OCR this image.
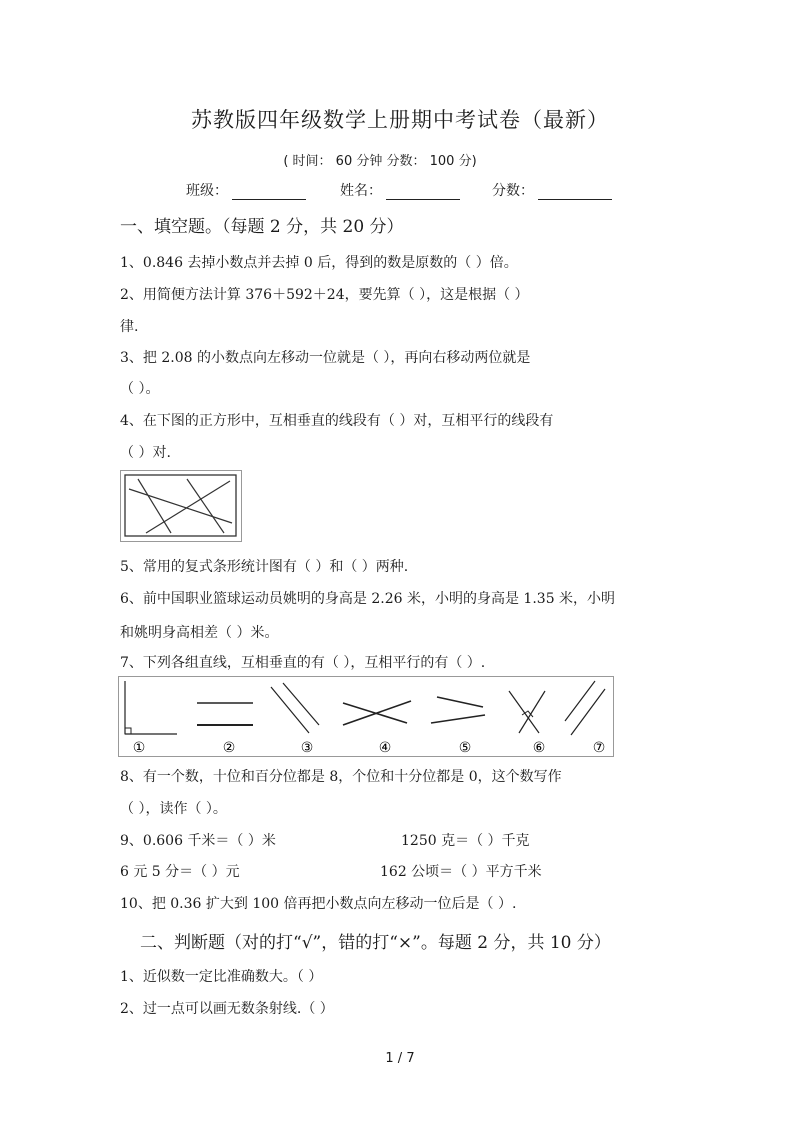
苏教版四年级数学上册期中考试卷（最新）
( 时间： 60 分钟 分数： 100 分)
班级：	姓名：	分数：
一、填空题。（每题 2 分，共 20 分）
1、0.846 去掉小数点并去掉 0 后，得到的数是原数的（ ）倍。
2、用简便方法计算 376＋592＋24，要先算（ ），这是根据（ ）
律.
3、把 2.08 的小数点向左移动一位就是（ ），再向右移动两位就是
（ ）。
4、在下图的正方形中，互相垂直的线段有（ ）对，互相平行的线段有
（ ）对.
5、常用的复式条形统计图有（ ）和（ ）两种.
6、前中国职业篮球运动员姚明的身高是 2.26 米，小明的身高是 1.35 米，小明
和姚明身高相差（ ）米。
7、下列各组直线，互相垂直的有（ ），互相平行的有（ ）.
①	②	③	④	⑤	⑥	⑦
8、有一个数，十位和百分位都是 8，个位和十分位都是 0，这个数写作
（ ），读作（ ）。
9、0.606 千米＝（ ）米	1250 克＝（ ）千克
6 元 5 分＝（ ）元	162 公顷＝（ ）平方千米
10、把 0.36 扩大到 100 倍再把小数点向左移动一位后是（ ）.
二、判断题（对的打“√”，错的打“×”。每题 2 分，共 10 分）
1、近似数一定比准确数大。（ ）
2、过一点可以画无数条射线.（ ）
1 / 7
